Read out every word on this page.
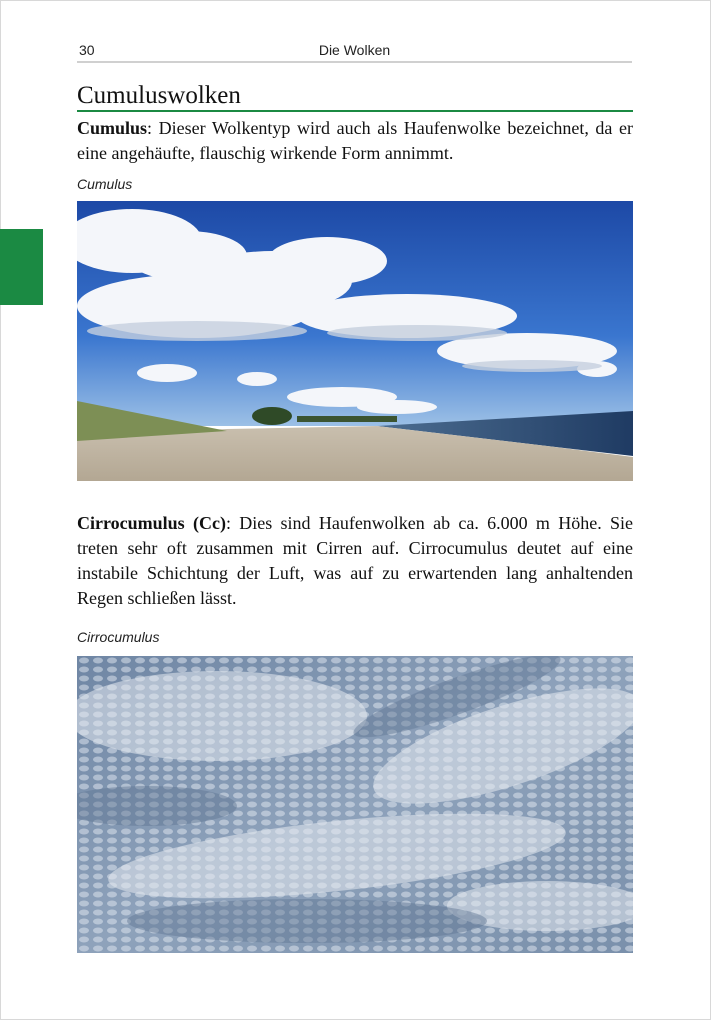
30	Die Wolken
Cumuluswolken

Cumulus: Dieser Wolkentyp wird auch als Haufenwolke bezeichnet, da er eine angehäufte, flauschig wirkende Form annimmt.

Cumulus

Cirrocumulus (Cc): Dies sind Haufenwolken ab ca. 6.000 m Höhe. Sie treten sehr oft zusammen mit Cirren auf. Cirrocumulus deutet auf eine instabile Schichtung der Luft, was auf zu erwartenden lang anhaltenden Regen schließen lässt.

Cirrocumulus
